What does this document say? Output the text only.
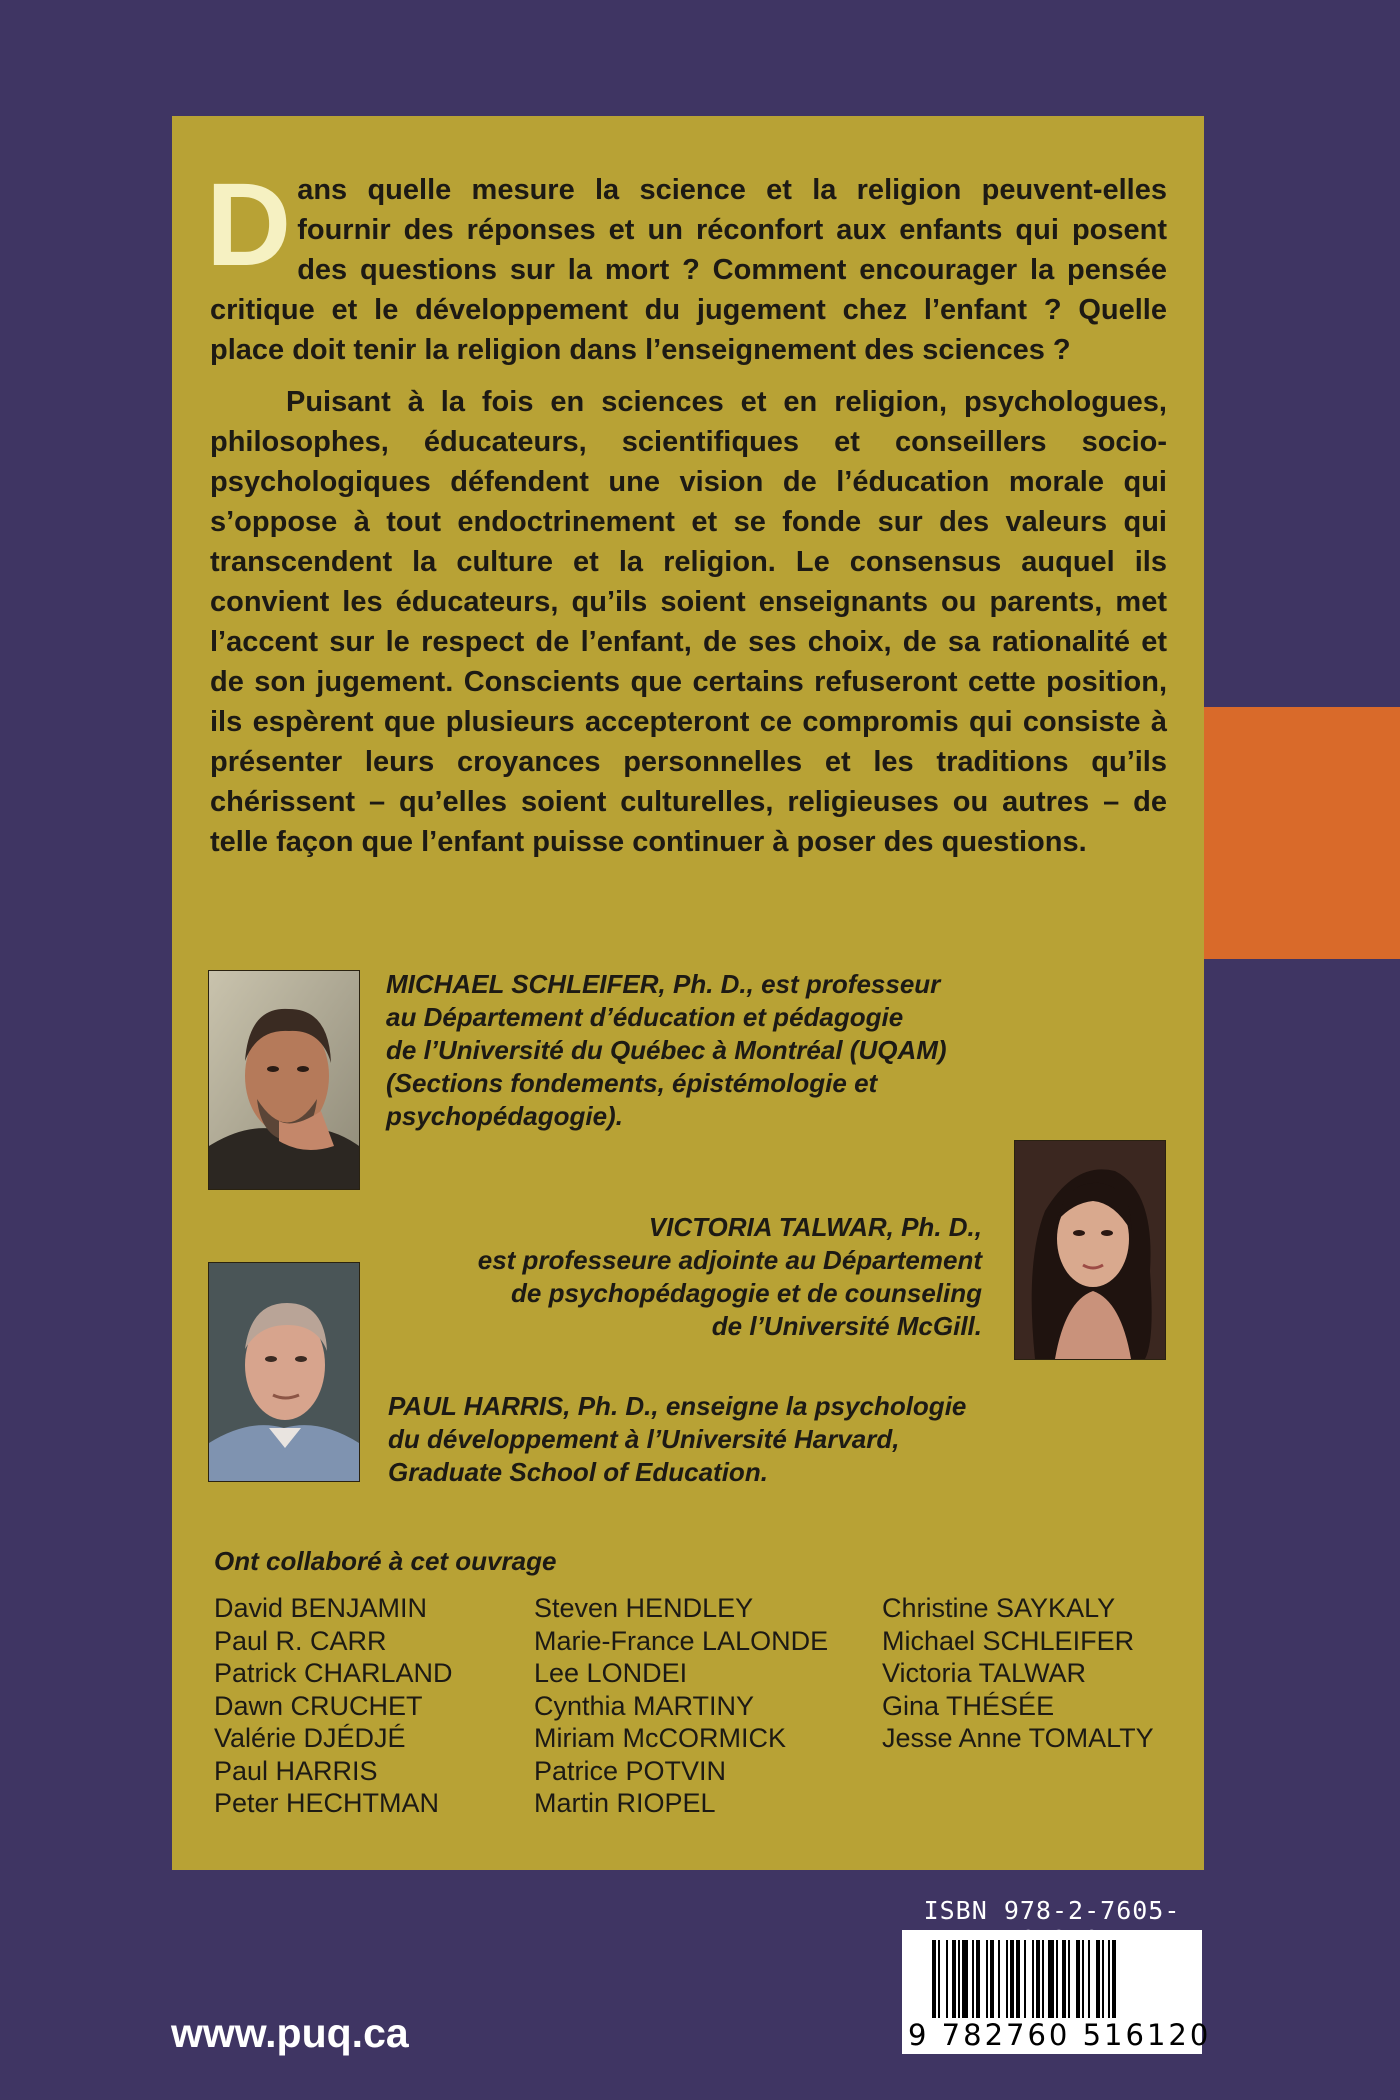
D ans quelle mesure la science et la religion peuvent-elles fournir des réponses et un réconfort aux enfants qui posent des questions sur la mort ? Comment encourager la pensée critique et le développement du jugement chez l’enfant ? Quelle place doit tenir la religion dans l’enseignement des sciences ?

Puisant à la fois en sciences et en religion, psychologues, philosophes, éducateurs, scientifiques et conseillers socio-psychologiques défendent une vision de l’éducation morale qui s’oppose à tout endoctrinement et se fonde sur des valeurs qui transcendent la culture et la religion. Le consensus auquel ils convient les éducateurs, qu’ils soient enseignants ou parents, met l’accent sur le respect de l’enfant, de ses choix, de sa rationalité et de son jugement. Conscients que certains refuseront cette position, ils espèrent que plusieurs accepteront ce compromis qui consiste à présenter leurs croyances personnelles et les traditions qu’ils chérissent – qu’elles soient culturelles, religieuses ou autres – de telle façon que l’enfant puisse continuer à poser des questions.

MICHAEL SCHLEIFER, Ph. D., est professeur
au Département d’éducation et pédagogie
de l’Université du Québec à Montréal (UQAM)
(Sections fondements, épistémologie et
psychopédagogie).
VICTORIA TALWAR, Ph. D.,
est professeure adjointe au Département
de psychopédagogie et de counseling
de l’Université McGill.
PAUL HARRIS, Ph. D., enseigne la psychologie
du développement à l’Université Harvard,
Graduate School of Education.
Ont collaboré à cet ouvrage
David BENJAMIN
Paul R. CARR
Patrick CHARLAND
Dawn CRUCHET
Valérie DJÉDJÉ
Paul HARRIS
Peter HECHTMAN
Steven HENDLEY
Marie-France LALONDE
Lee LONDEI
Cynthia MARTINY
Miriam McCORMICK
Patrice POTVIN
Martin RIOPEL
Christine SAYKALY
Michael SCHLEIFER
Victoria TALWAR
Gina THÉSÉE
Jesse Anne TOMALTY
ISBN 978-2-7605-
9 782760 516120
www.puq.ca
